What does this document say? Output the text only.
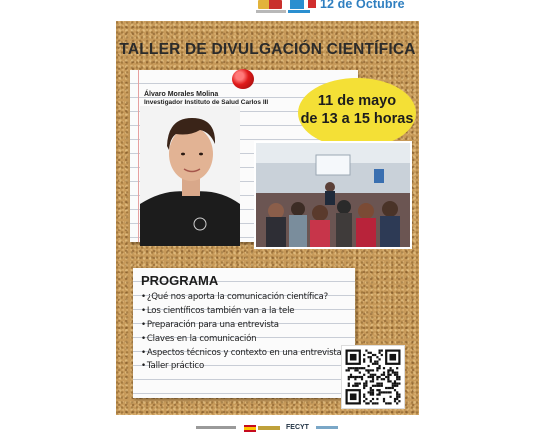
12 de Octubre
TALLER DE DIVULGACIÓN CIENTÍFICA
Álvaro Morales Molina
Investigador Instituto de Salud Carlos III	11 de mayo
de 13 a 15 horas
PROGRAMA
• ¿Qué nos aporta la comunicación científica?
• Los científicos también van a la tele
• Preparación para una entrevista
• Claves en la comunicación
• Aspectos técnicos y contexto en una entrevista
• Taller práctico
FECYT
